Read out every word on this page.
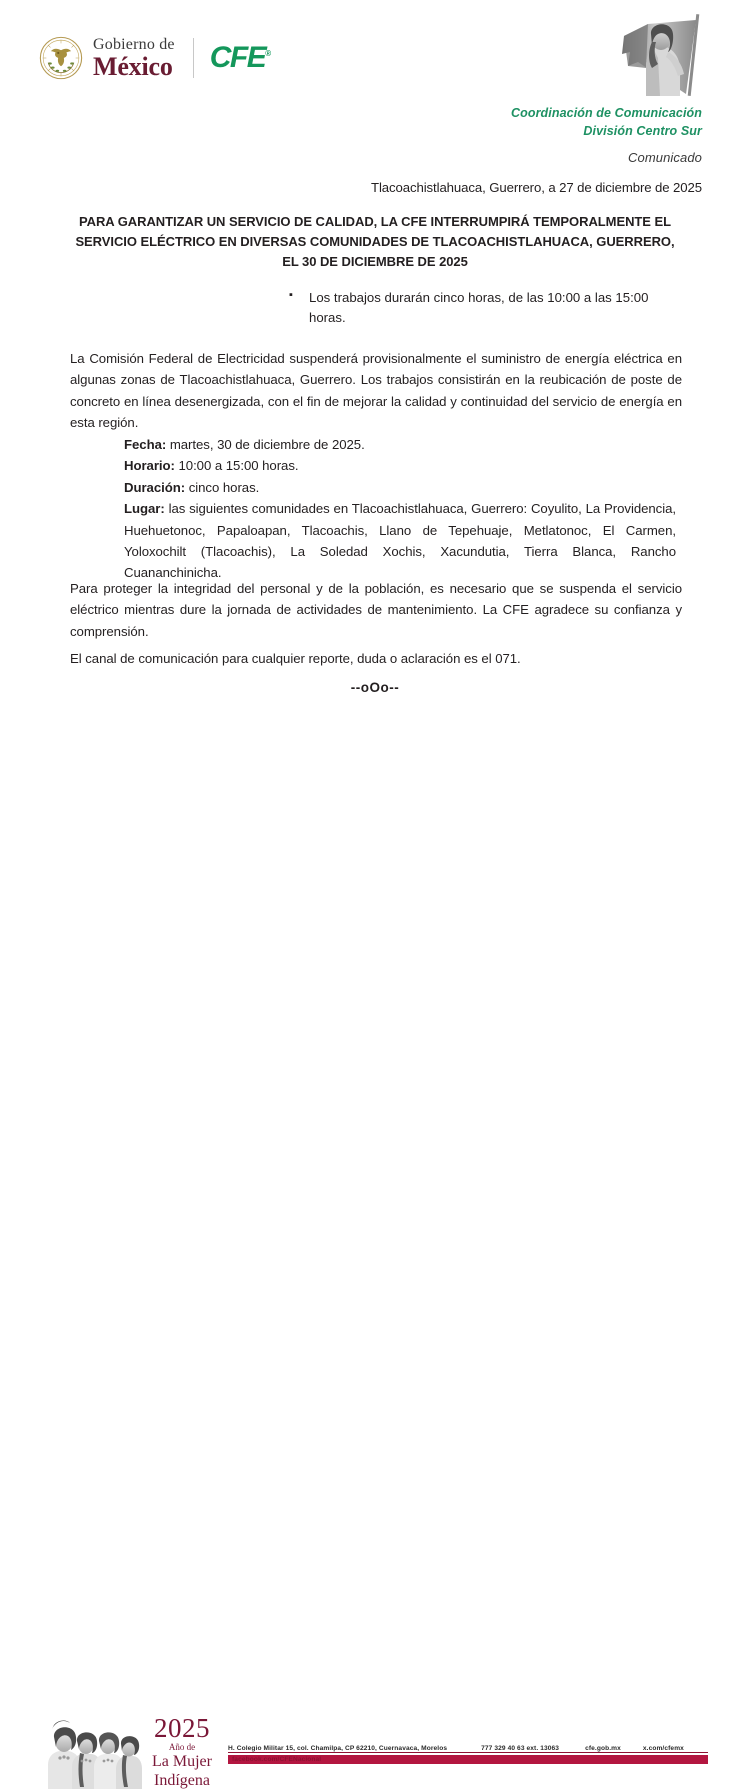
Gobierno de
México CFE®
Coordinación de Comunicación
División Centro Sur
Comunicado
Tlacoachistlahuaca, Guerrero, a 27 de diciembre de 2025
PARA GARANTIZAR UN SERVICIO DE CALIDAD, LA CFE INTERRUMPIRÁ TEMPORALMENTE EL SERVICIO ELÉCTRICO EN DIVERSAS COMUNIDADES DE TLACOACHISTLAHUACA, GUERRERO, EL 30 DE DICIEMBRE DE 2025
▪ Los trabajos durarán cinco horas, de las 10:00 a las 15:00 horas.
La Comisión Federal de Electricidad suspenderá provisionalmente el suministro de energía eléctrica en algunas zonas de Tlacoachistlahuaca, Guerrero. Los trabajos consistirán en la reubicación de poste de concreto en línea desenergizada, con el fin de mejorar la calidad y continuidad del servicio de energía en esta región.
Fecha: martes, 30 de diciembre de 2025.
Horario: 10:00 a 15:00 horas.
Duración: cinco horas.
Lugar: las siguientes comunidades en Tlacoachistlahuaca, Guerrero: Coyulito, La Providencia, Huehuetonoc, Papaloapan, Tlacoachis, Llano de Tepehuaje, Metlatonoc, El Carmen, Yoloxochilt (Tlacoachis), La Soledad Xochis, Xacundutia, Tierra Blanca, Rancho Cuananchinicha.
Para proteger la integridad del personal y de la población, es necesario que se suspenda el servicio eléctrico mientras dure la jornada de actividades de mantenimiento. La CFE agradece su confianza y comprensión.
El canal de comunicación para cualquier reporte, duda o aclaración es el 071.
--oOo--
2025
Año de
La Mujer
Indígena
H. Colegio Militar 15, col. Chamilpa, CP 62210, Cuernavaca, Morelos	777 329 40 63 ext. 13063	cfe.gob.mx	x.com/cfemx
facebook.com/CFENacional
